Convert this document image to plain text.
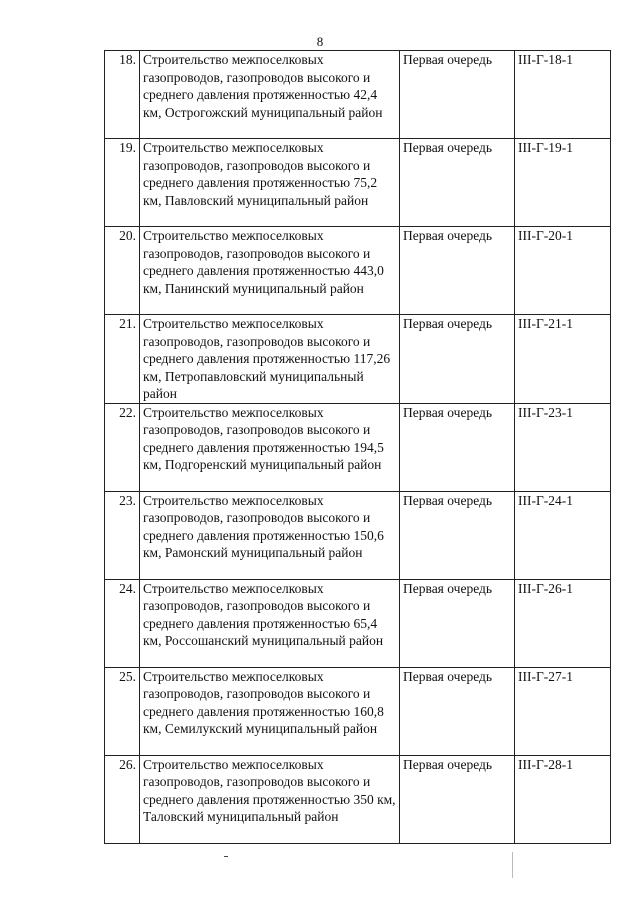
8
18.	Строительство межпоселковых газопроводов, газопроводов высокого и среднего давления протяженностью 42,4 км, Острогожский муниципальный район	Первая очередь	III-Г-18-1
19.	Строительство межпоселковых газопроводов, газопроводов высокого и среднего давления протяженностью 75,2 км, Павловский муниципальный район	Первая очередь	III-Г-19-1
20.	Строительство межпоселковых газопроводов, газопроводов высокого и среднего давления протяженностью 443,0 км, Панинский муниципальный район	Первая очередь	III-Г-20-1
21.	Строительство межпоселковых газопроводов, газопроводов высокого и среднего давления протяженностью 117,26 км, Петропавловский муниципальный район	Первая очередь	III-Г-21-1
22.	Строительство межпоселковых газопроводов, газопроводов высокого и среднего давления протяженностью 194,5 км, Подгоренский муниципальный район	Первая очередь	III-Г-23-1
23.	Строительство межпоселковых газопроводов, газопроводов высокого и среднего давления протяженностью 150,6 км, Рамонский муниципальный район	Первая очередь	III-Г-24-1
24.	Строительство межпоселковых газопроводов, газопроводов высокого и среднего давления протяженностью 65,4 км, Россошанский муниципальный район	Первая очередь	III-Г-26-1
25.	Строительство межпоселковых газопроводов, газопроводов высокого и среднего давления протяженностью 160,8 км, Семилукский муниципальный район	Первая очередь	III-Г-27-1
26.	Строительство межпоселковых газопроводов, газопроводов высокого и среднего давления протяженностью 350 км, Таловский муниципальный район	Первая очередь	III-Г-28-1
